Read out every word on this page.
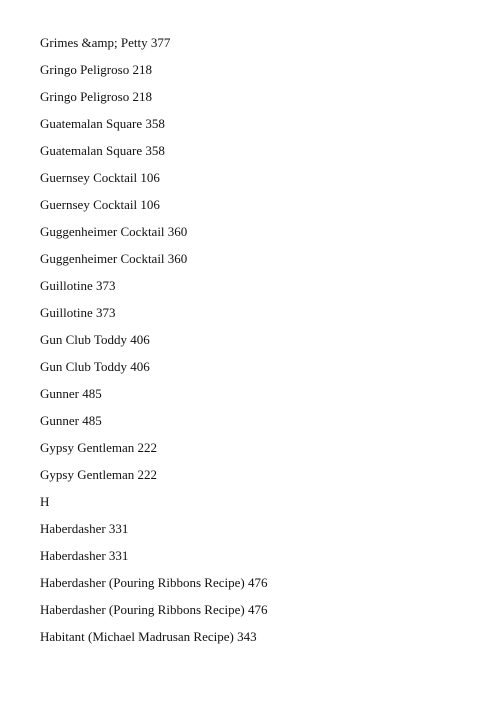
Grimes &amp; Petty 377
Gringo Peligroso 218
Gringo Peligroso 218
Guatemalan Square 358
Guatemalan Square 358
Guernsey Cocktail 106
Guernsey Cocktail 106
Guggenheimer Cocktail 360
Guggenheimer Cocktail 360
Guillotine 373
Guillotine 373
Gun Club Toddy 406
Gun Club Toddy 406
Gunner 485
Gunner 485
Gypsy Gentleman 222
Gypsy Gentleman 222
H
Haberdasher 331
Haberdasher 331
Haberdasher (Pouring Ribbons Recipe) 476
Haberdasher (Pouring Ribbons Recipe) 476
Habitant (Michael Madrusan Recipe) 343
